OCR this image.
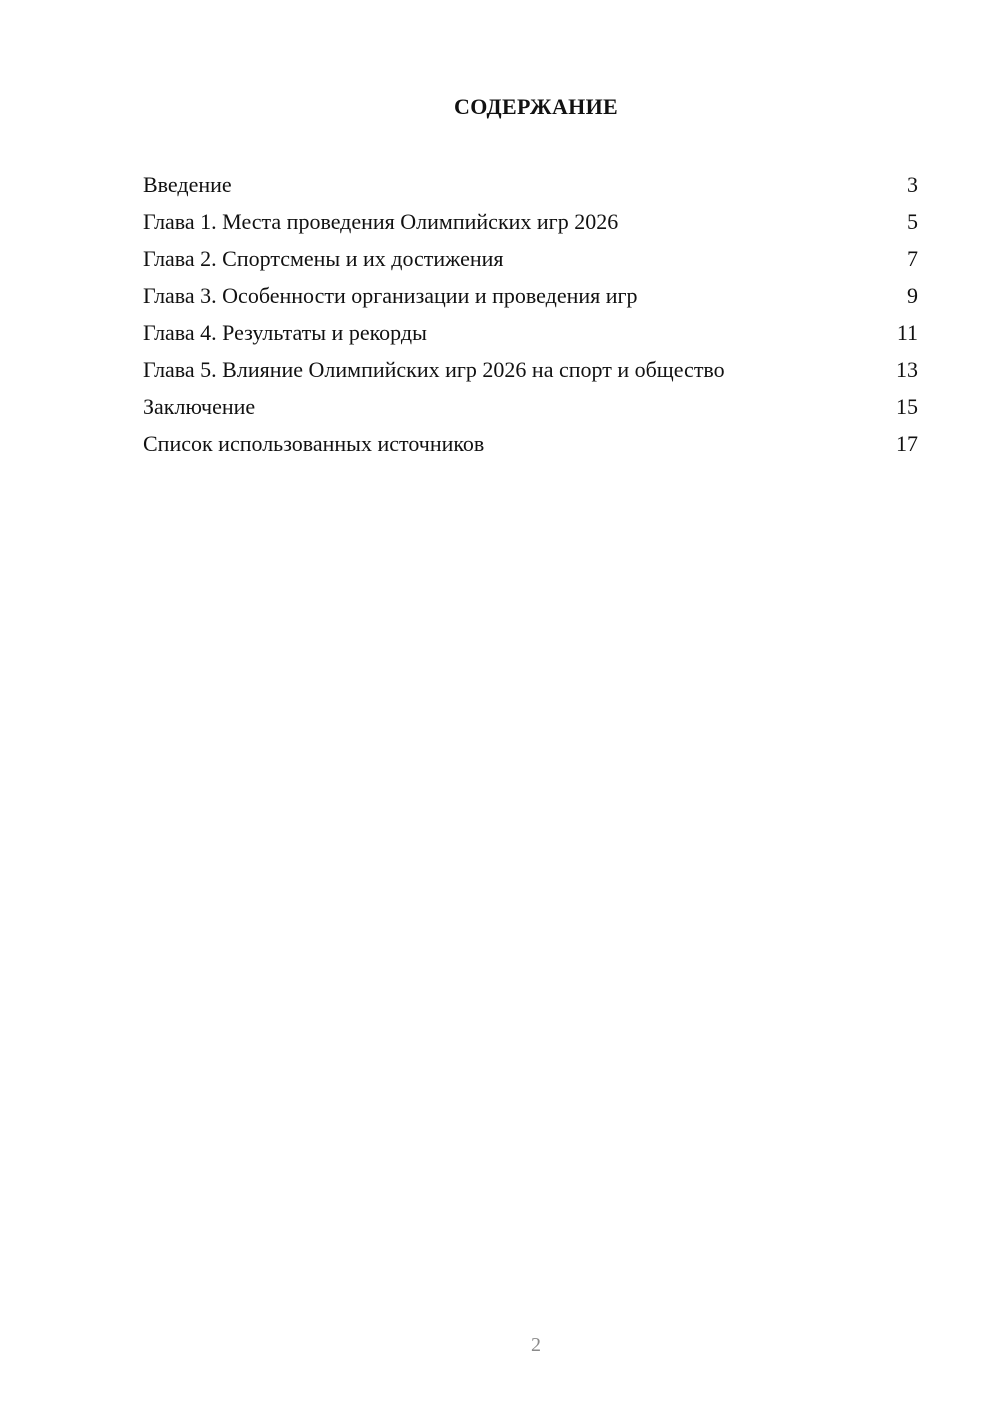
СОДЕРЖАНИЕ
Введение	3
Глава 1. Места проведения Олимпийских игр 2026	5
Глава 2. Спортсмены и их достижения	7
Глава 3. Особенности организации и проведения игр	9
Глава 4. Результаты и рекорды	11
Глава 5. Влияние Олимпийских игр 2026 на спорт и общество	13
Заключение	15
Список использованных источников	17
2
